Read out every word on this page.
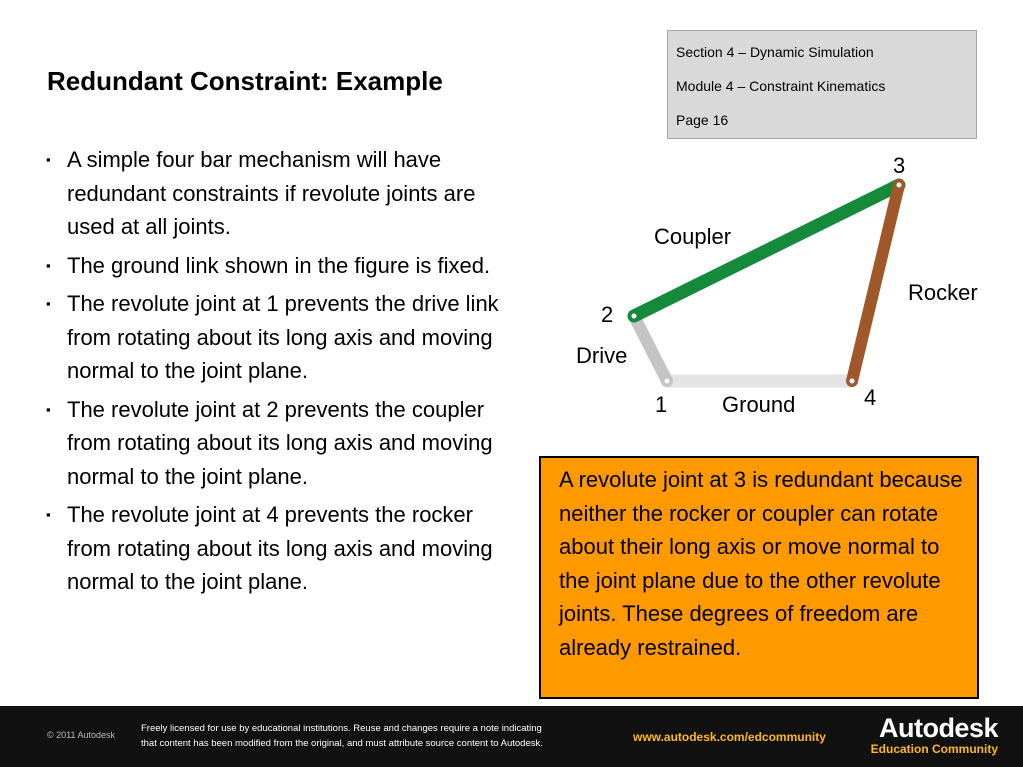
Redundant Constraint: Example
Section 4 – Dynamic Simulation
Module 4 – Constraint Kinematics
Page 16
▪ A simple four bar mechanism will have redundant constraints if revolute joints are used at all joints.
▪ The ground link shown in the figure is fixed.
▪ The revolute joint at 1 prevents the drive link from rotating about its long axis and moving normal to the joint plane.
▪ The revolute joint at 2 prevents the coupler from rotating about its long axis and moving normal to the joint plane.
▪ The revolute joint at 4 prevents the rocker from rotating about its long axis and moving normal to the joint plane.
1
2
3
4
Coupler
Rocker
Drive
Ground
A revolute joint at 3 is redundant because neither the rocker or coupler can rotate about their long axis or move normal to the joint plane due to the other revolute joints. These degrees of freedom are already restrained.
© 2011 Autodesk
Freely licensed for use by educational institutions. Reuse and changes require a note indicating
that content has been modified from the original, and must attribute source content to Autodesk.	www.autodesk.com/edcommunity	Autodesk
Education Community
